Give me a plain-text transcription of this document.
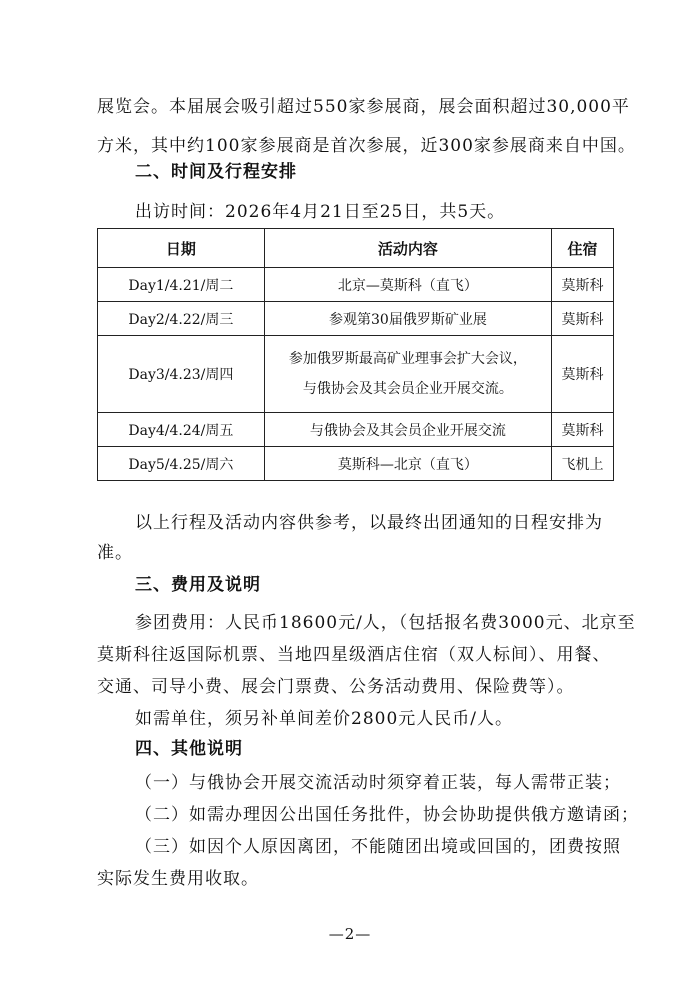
展览会。本届展会吸引超过550家参展商，展会面积超过30,000平
方米，其中约100家参展商是首次参展，近300家参展商来自中国。
二、时间及行程安排
出访时间：2026年4月21日至25日，共5天。
日期	活动内容	住宿
Day1/4.21/周二	北京—莫斯科（直飞）	莫斯科
Day2/4.22/周三	参观第30届俄罗斯矿业展	莫斯科
Day3/4.23/周四	参加俄罗斯最高矿业理事会扩大会议，
与俄协会及其会员企业开展交流。	莫斯科
Day4/4.24/周五	与俄协会及其会员企业开展交流	莫斯科
Day5/4.25/周六	莫斯科—北京（直飞）	飞机上
以上行程及活动内容供参考，以最终出团通知的日程安排为
准。
三、费用及说明
参团费用：人民币18600元/人，（包括报名费3000元、北京至
莫斯科往返国际机票、当地四星级酒店住宿（双人标间）、用餐、
交通、司导小费、展会门票费、公务活动费用、保险费等）。
如需单住，须另补单间差价2800元人民币/人。
四、其他说明
（一）与俄协会开展交流活动时须穿着正装，每人需带正装；
（二）如需办理因公出国任务批件，协会协助提供俄方邀请函；
（三）如因个人原因离团，不能随团出境或回国的，团费按照
实际发生费用收取。
—2—
